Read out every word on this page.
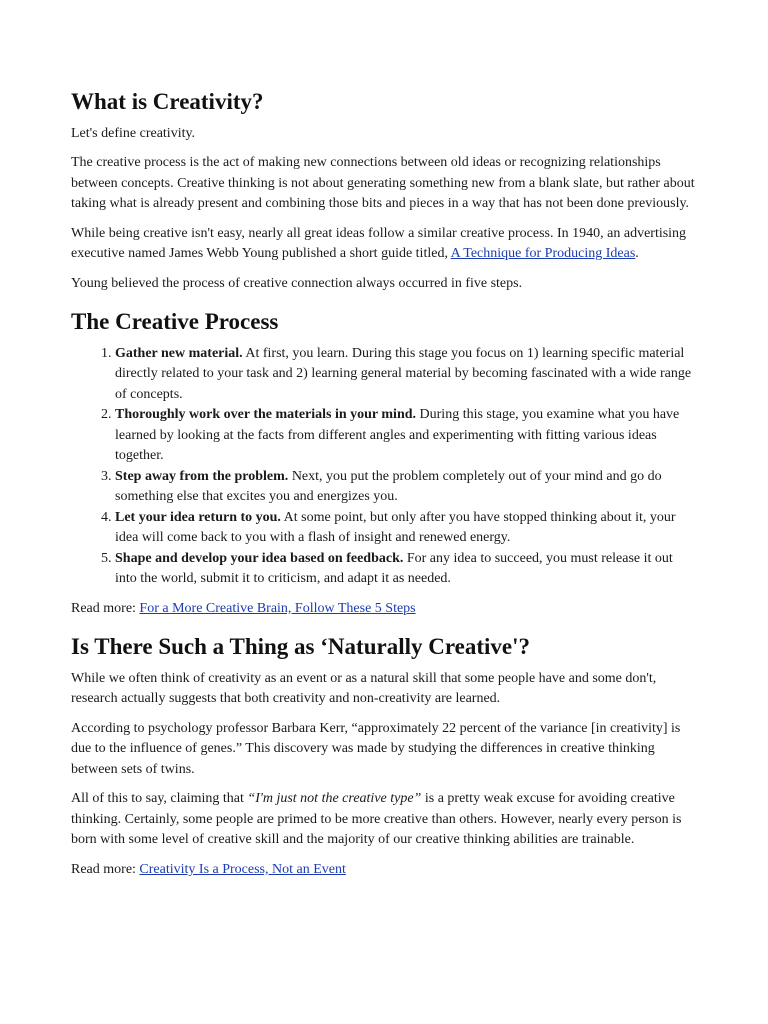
What is Creativity?

Let's define creativity.

The creative process is the act of making new connections between old ideas or recognizing relationships between concepts. Creative thinking is not about generating something new from a blank slate, but rather about taking what is already present and combining those bits and pieces in a way that has not been done previously.

While being creative isn't easy, nearly all great ideas follow a similar creative process. In 1940, an advertising executive named James Webb Young published a short guide titled, A Technique for Producing Ideas.

Young believed the process of creative connection always occurred in five steps.

The Creative Process
1. Gather new material. At first, you learn. During this stage you focus on 1) learning specific material directly related to your task and 2) learning general material by becoming fascinated with a wide range of concepts.
2. Thoroughly work over the materials in your mind. During this stage, you examine what you have learned by looking at the facts from different angles and experimenting with fitting various ideas together.
3. Step away from the problem. Next, you put the problem completely out of your mind and go do something else that excites you and energizes you.
4. Let your idea return to you. At some point, but only after you have stopped thinking about it, your idea will come back to you with a flash of insight and renewed energy.
5. Shape and develop your idea based on feedback. For any idea to succeed, you must release it out into the world, submit it to criticism, and adapt it as needed.

Read more: For a More Creative Brain, Follow These 5 Steps

Is There Such a Thing as ‘Naturally Creative'?

While we often think of creativity as an event or as a natural skill that some people have and some don't, research actually suggests that both creativity and non-creativity are learned.

According to psychology professor Barbara Kerr, “approximately 22 percent of the variance [in creativity] is due to the influence of genes.” This discovery was made by studying the differences in creative thinking between sets of twins.

All of this to say, claiming that “I'm just not the creative type” is a pretty weak excuse for avoiding creative thinking. Certainly, some people are primed to be more creative than others. However, nearly every person is born with some level of creative skill and the majority of our creative thinking abilities are trainable.

Read more: Creativity Is a Process, Not an Event
